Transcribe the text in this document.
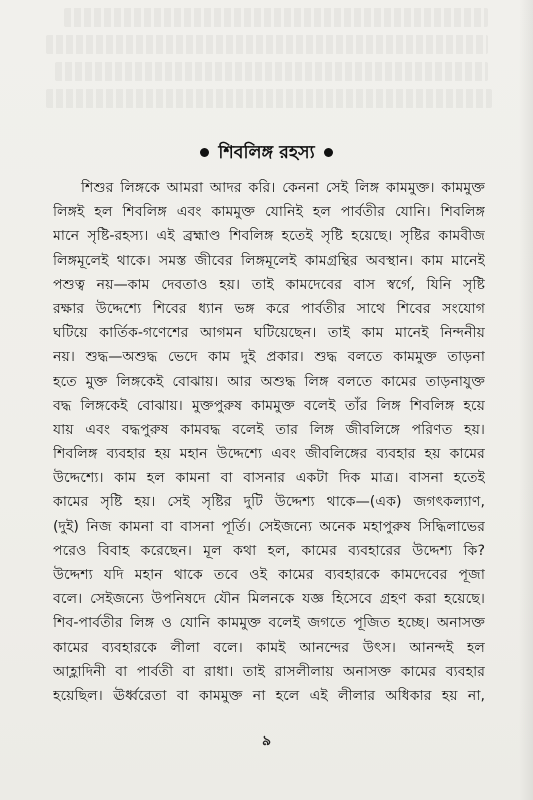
শিবলিঙ্গ রহস্য
শিশুর লিঙ্গকে আমরা আদর করি। কেননা সেই লিঙ্গ কামমুক্ত। কামমুক্ত
লিঙ্গই হল শিবলিঙ্গ এবং কামমুক্ত যোনিই হল পার্বতীর যোনি। শিবলিঙ্গ
মানে সৃষ্টি-রহস্য। এই ব্রহ্মাণ্ড শিবলিঙ্গ হতেই সৃষ্টি হয়েছে। সৃষ্টির কামবীজ
লিঙ্গমূলেই থাকে। সমস্ত জীবের লিঙ্গমূলেই কামগ্রন্থির অবস্থান। কাম মানেই
পশুত্ব নয়—কাম দেবতাও হয়। তাই কামদেবের বাস স্বর্গে, যিনি সৃষ্টি
রক্ষার উদ্দেশ্যে শিবের ধ্যান ভঙ্গ করে পার্বতীর সাথে শিবের সংযোগ
ঘটিয়ে কার্তিক-গণেশের আগমন ঘটিয়েছেন। তাই কাম মানেই নিন্দনীয়
নয়। শুদ্ধ—অশুদ্ধ ভেদে কাম দুই প্রকার। শুদ্ধ বলতে কামমুক্ত তাড়না
হতে মুক্ত লিঙ্গকেই বোঝায়। আর অশুদ্ধ লিঙ্গ বলতে কামের তাড়নাযুক্ত
বদ্ধ লিঙ্গকেই বোঝায়। মুক্তপুরুষ কামমুক্ত বলেই তাঁর লিঙ্গ শিবলিঙ্গ হয়ে
যায় এবং বদ্ধপুরুষ কামবদ্ধ বলেই তার লিঙ্গ জীবলিঙ্গে পরিণত হয়।
শিবলিঙ্গ ব্যবহার হয় মহান উদ্দেশ্যে এবং জীবলিঙ্গের ব্যবহার হয় কামের
উদ্দেশ্যে। কাম হল কামনা বা বাসনার একটা দিক মাত্র। বাসনা হতেই
কামের সৃষ্টি হয়। সেই সৃষ্টির দুটি উদ্দেশ্য থাকে—(এক) জগৎকল্যাণ,
(দুই) নিজ কামনা বা বাসনা পূর্তি। সেইজন্যে অনেক মহাপুরুষ সিদ্ধিলাভের
পরেও বিবাহ করেছেন। মূল কথা হল, কামের ব্যবহারের উদ্দেশ্য কি?
উদ্দেশ্য যদি মহান থাকে তবে ওই কামের ব্যবহারকে কামদেবের পূজা
বলে। সেইজন্যে উপনিষদে যৌন মিলনকে যজ্ঞ হিসেবে গ্রহণ করা হয়েছে।
শিব-পার্বতীর লিঙ্গ ও যোনি কামমুক্ত বলেই জগতে পূজিত হচ্ছে। অনাসক্ত
কামের ব্যবহারকে লীলা বলে। কামই আনন্দের উৎস। আনন্দই হল
আহ্লাদিনী বা পার্বতী বা রাধা। তাই রাসলীলায় অনাসক্ত কামের ব্যবহার
হয়েছিল। ঊর্ধ্বরেতা বা কামমুক্ত না হলে এই লীলার অধিকার হয় না,
৯
